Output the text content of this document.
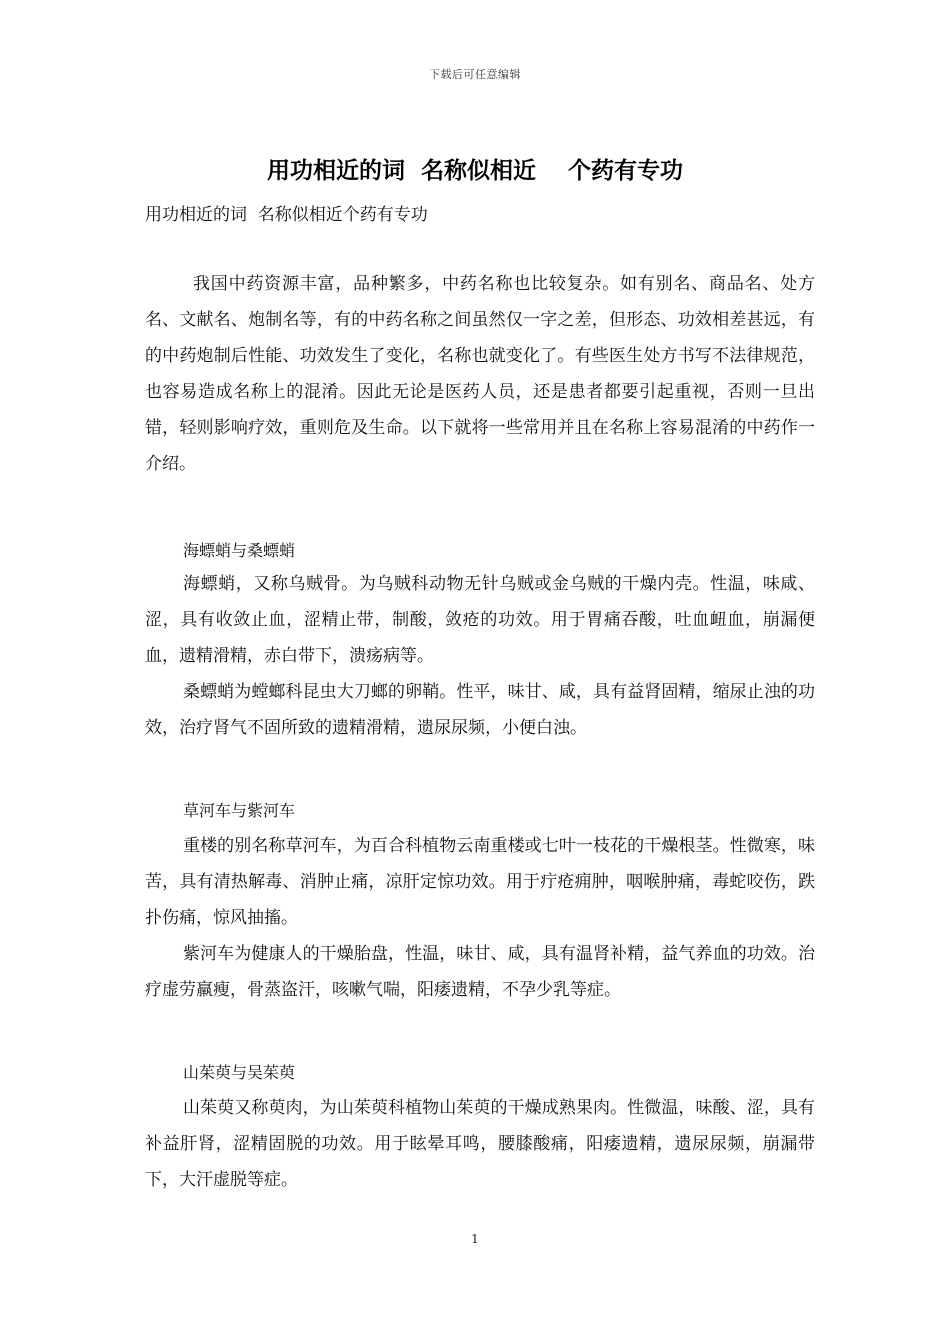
下载后可任意编辑
用功相近的词  名称似相近    个药有专功
用功相近的词  名称似相近个药有专功
我国中药资源丰富，品种繁多，中药名称也比较复杂。如有别名、商品名、处方名、文献名、炮制名等，有的中药名称之间虽然仅一字之差，但形态、功效相差甚远，有的中药炮制后性能、功效发生了变化，名称也就变化了。有些医生处方书写不法律规范，也容易造成名称上的混淆。因此无论是医药人员，还是患者都要引起重视，否则一旦出错，轻则影响疗效，重则危及生命。以下就将一些常用并且在名称上容易混淆的中药作一介绍。
海螵蛸与桑螵蛸

海螵蛸，又称乌贼骨。为乌贼科动物无针乌贼或金乌贼的干燥内壳。性温，味咸、涩，具有收敛止血，涩精止带，制酸，敛疮的功效。用于胃痛吞酸，吐血衄血，崩漏便血，遗精滑精，赤白带下，溃疡病等。

桑螵蛸为螳螂科昆虫大刀螂的卵鞘。性平，味甘、咸，具有益肾固精，缩尿止浊的功效，治疗肾气不固所致的遗精滑精，遗尿尿频，小便白浊。

草河车与紫河车

重楼的别名称草河车，为百合科植物云南重楼或七叶一枝花的干燥根茎。性微寒，味苦，具有清热解毒、消肿止痛，凉肝定惊功效。用于疔疮痈肿，咽喉肿痛，毒蛇咬伤，跌扑伤痛，惊风抽搐。

紫河车为健康人的干燥胎盘，性温，味甘、咸，具有温肾补精，益气养血的功效。治疗虚劳羸瘦，骨蒸盗汗，咳嗽气喘，阳痿遗精，不孕少乳等症。

山茱萸与吴茱萸

山茱萸又称萸肉，为山茱萸科植物山茱萸的干燥成熟果肉。性微温，味酸、涩，具有补益肝肾，涩精固脱的功效。用于眩晕耳鸣，腰膝酸痛，阳痿遗精，遗尿尿频，崩漏带下，大汗虚脱等症。

1
